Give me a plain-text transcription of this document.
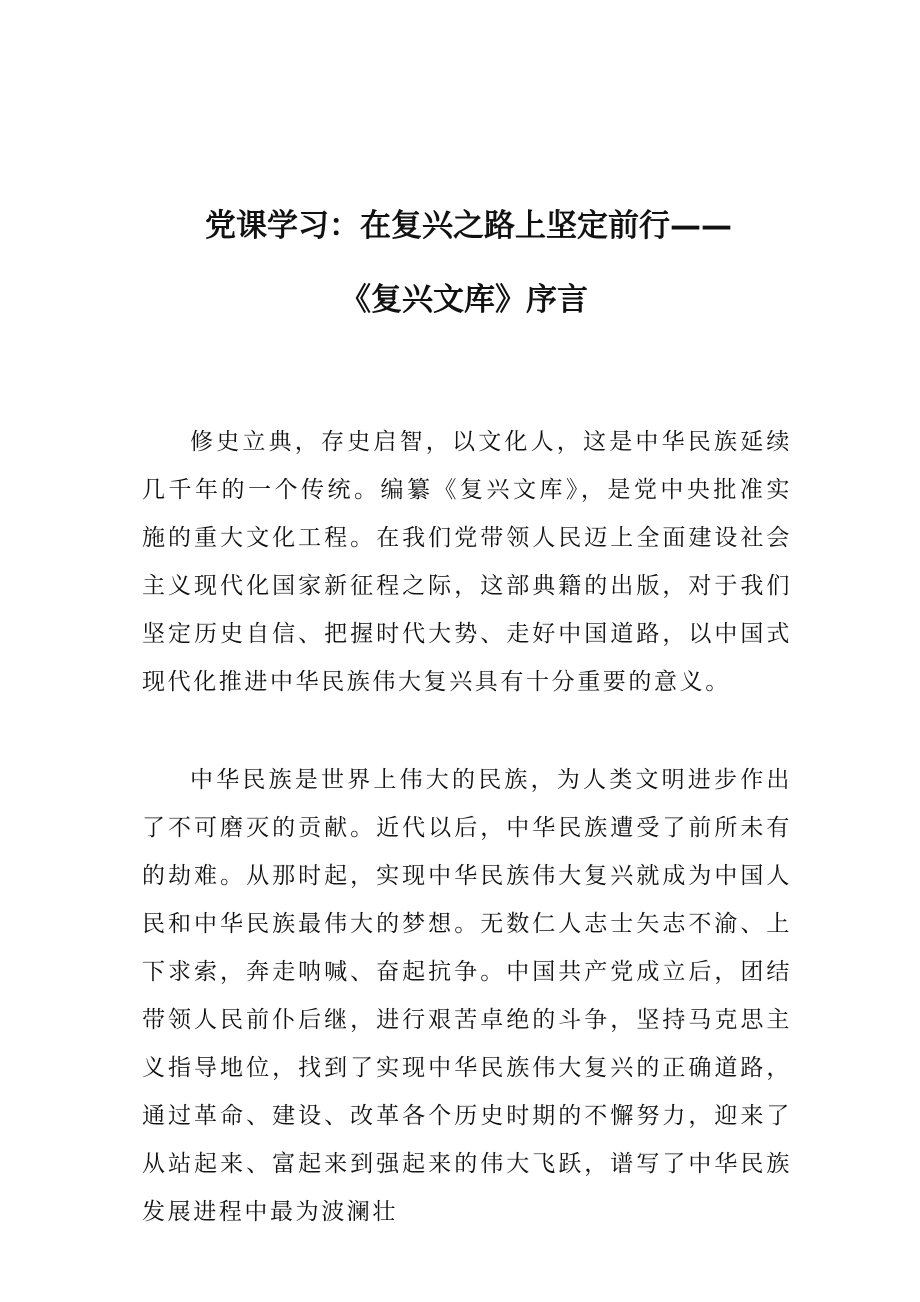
党课学习：在复兴之路上坚定前行——
《复兴文库》序言

修史立典，存史启智，以文化人，这是中华民族延续几千年的一个传统。编纂《复兴文库》，是党中央批准实施的重大文化工程。在我们党带领人民迈上全面建设社会主义现代化国家新征程之际，这部典籍的出版，对于我们坚定历史自信、把握时代大势、走好中国道路，以中国式现代化推进中华民族伟大复兴具有十分重要的意义。

中华民族是世界上伟大的民族，为人类文明进步作出了不可磨灭的贡献。近代以后，中华民族遭受了前所未有的劫难。从那时起，实现中华民族伟大复兴就成为中国人民和中华民族最伟大的梦想。无数仁人志士矢志不渝、上下求索，奔走呐喊、奋起抗争。中国共产党成立后，团结带领人民前仆后继，进行艰苦卓绝的斗争，坚持马克思主义指导地位，找到了实现中华民族伟大复兴的正确道路，通过革命、建设、改革各个历史时期的不懈努力，迎来了从站起来、富起来到强起来的伟大飞跃，谱写了中华民族发展进程中最为波澜壮
